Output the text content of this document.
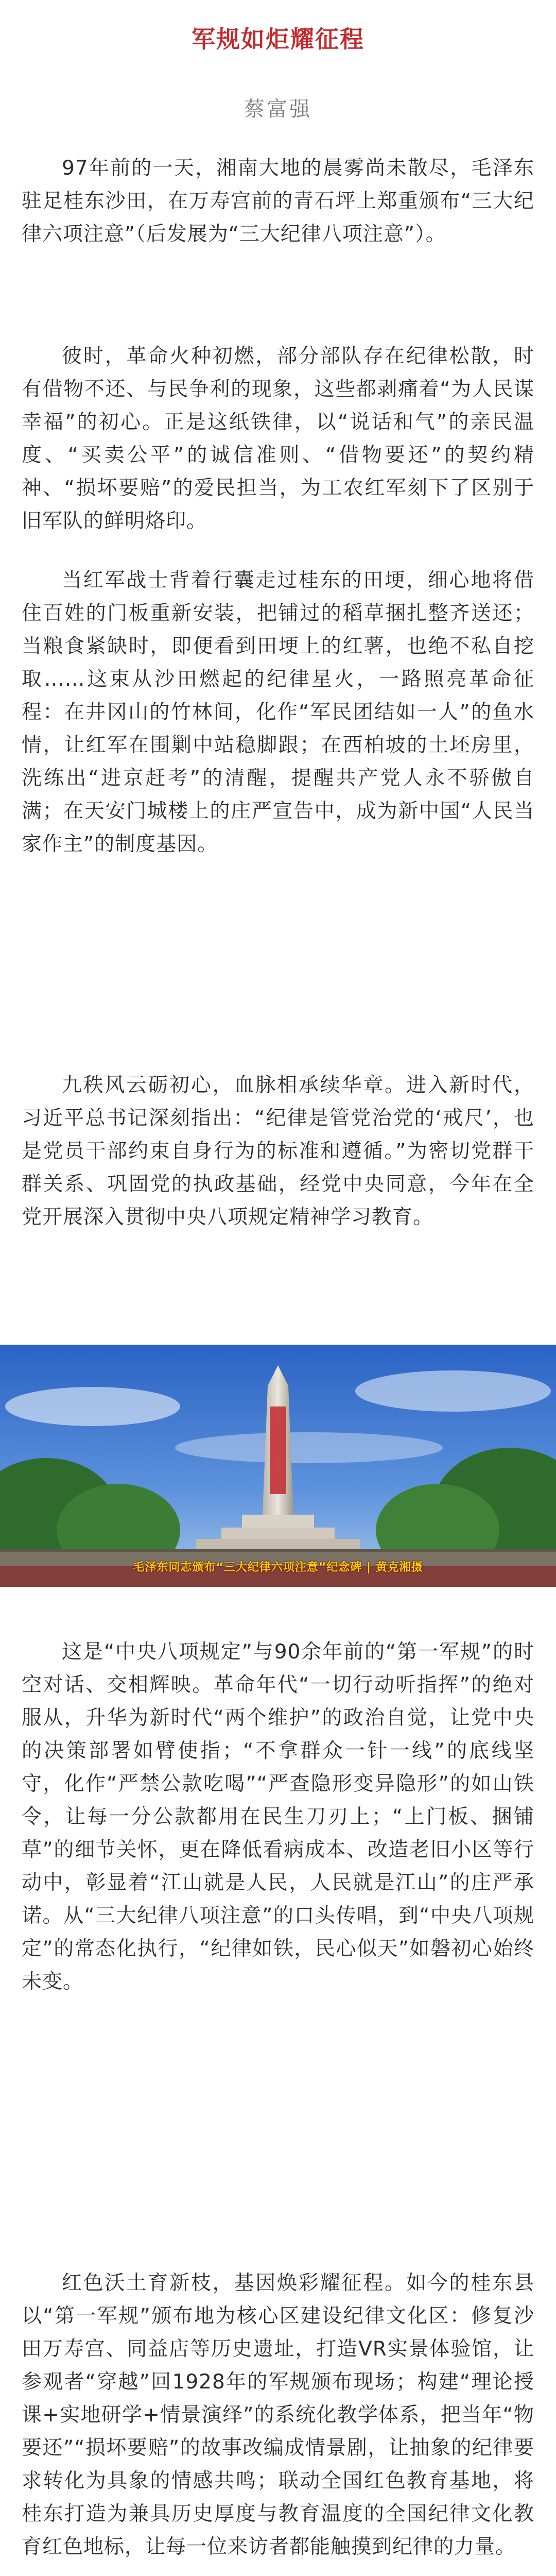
军规如炬耀征程
蔡富强

97年前的一天，湘南大地的晨雾尚未散尽，毛泽东驻足桂东沙田，在万寿宫前的青石坪上郑重颁布“三大纪律六项注意”（后发展为“三大纪律八项注意”）。

彼时，革命火种初燃，部分部队存在纪律松散，时有借物不还、与民争利的现象，这些都剥痛着“为人民谋幸福”的初心。正是这纸铁律，以“说话和气”的亲民温度、“买卖公平”的诚信准则、“借物要还”的契约精神、“损坏要赔”的爱民担当，为工农红军刻下了区别于旧军队的鲜明烙印。

当红军战士背着行囊走过桂东的田埂，细心地将借住百姓的门板重新安装，把铺过的稻草捆扎整齐送还；当粮食紧缺时，即便看到田埂上的红薯，也绝不私自挖取……这束从沙田燃起的纪律星火，一路照亮革命征程：在井冈山的竹林间，化作“军民团结如一人”的鱼水情，让红军在围剿中站稳脚跟；在西柏坡的土坯房里，洗练出“进京赶考”的清醒，提醒共产党人永不骄傲自满；在天安门城楼上的庄严宣告中，成为新中国“人民当家作主”的制度基因。

九秩风云砺初心，血脉相承续华章。进入新时代，习近平总书记深刻指出：“纪律是管党治党的‘戒尺’，也是党员干部约束自身行为的标准和遵循。”为密切党群干群关系、巩固党的执政基础，经党中央同意，今年在全党开展深入贯彻中央八项规定精神学习教育。

毛泽东同志颁布“三大纪律六项注意”纪念碑 | 黄克湘摄

这是“中央八项规定”与90余年前的“第一军规”的时空对话、交相辉映。革命年代“一切行动听指挥”的绝对服从，升华为新时代“两个维护”的政治自觉，让党中央的决策部署如臂使指；“不拿群众一针一线”的底线坚守，化作“严禁公款吃喝”“严查隐形变异隐形”的如山铁令，让每一分公款都用在民生刀刃上；“上门板、捆铺草”的细节关怀，更在降低看病成本、改造老旧小区等行动中，彰显着“江山就是人民，人民就是江山”的庄严承诺。从“三大纪律八项注意”的口头传唱，到“中央八项规定”的常态化执行，“纪律如铁，民心似天”如磐初心始终未变。

红色沃土育新枝，基因焕彩耀征程。如今的桂东县以“第一军规”颁布地为核心区建设纪律文化区：修复沙田万寿宫、同益店等历史遗址，打造VR实景体验馆，让参观者“穿越”回1928年的军规颁布现场；构建“理论授课+实地研学+情景演绎”的系统化教学体系，把当年“物要还”“损坏要赔”的故事改编成情景剧，让抽象的纪律要求转化为具象的情感共鸣；联动全国红色教育基地，将桂东打造为兼具历史厚度与教育温度的全国纪律文化教育红色地标，让每一位来访者都能触摸到纪律的力量。
